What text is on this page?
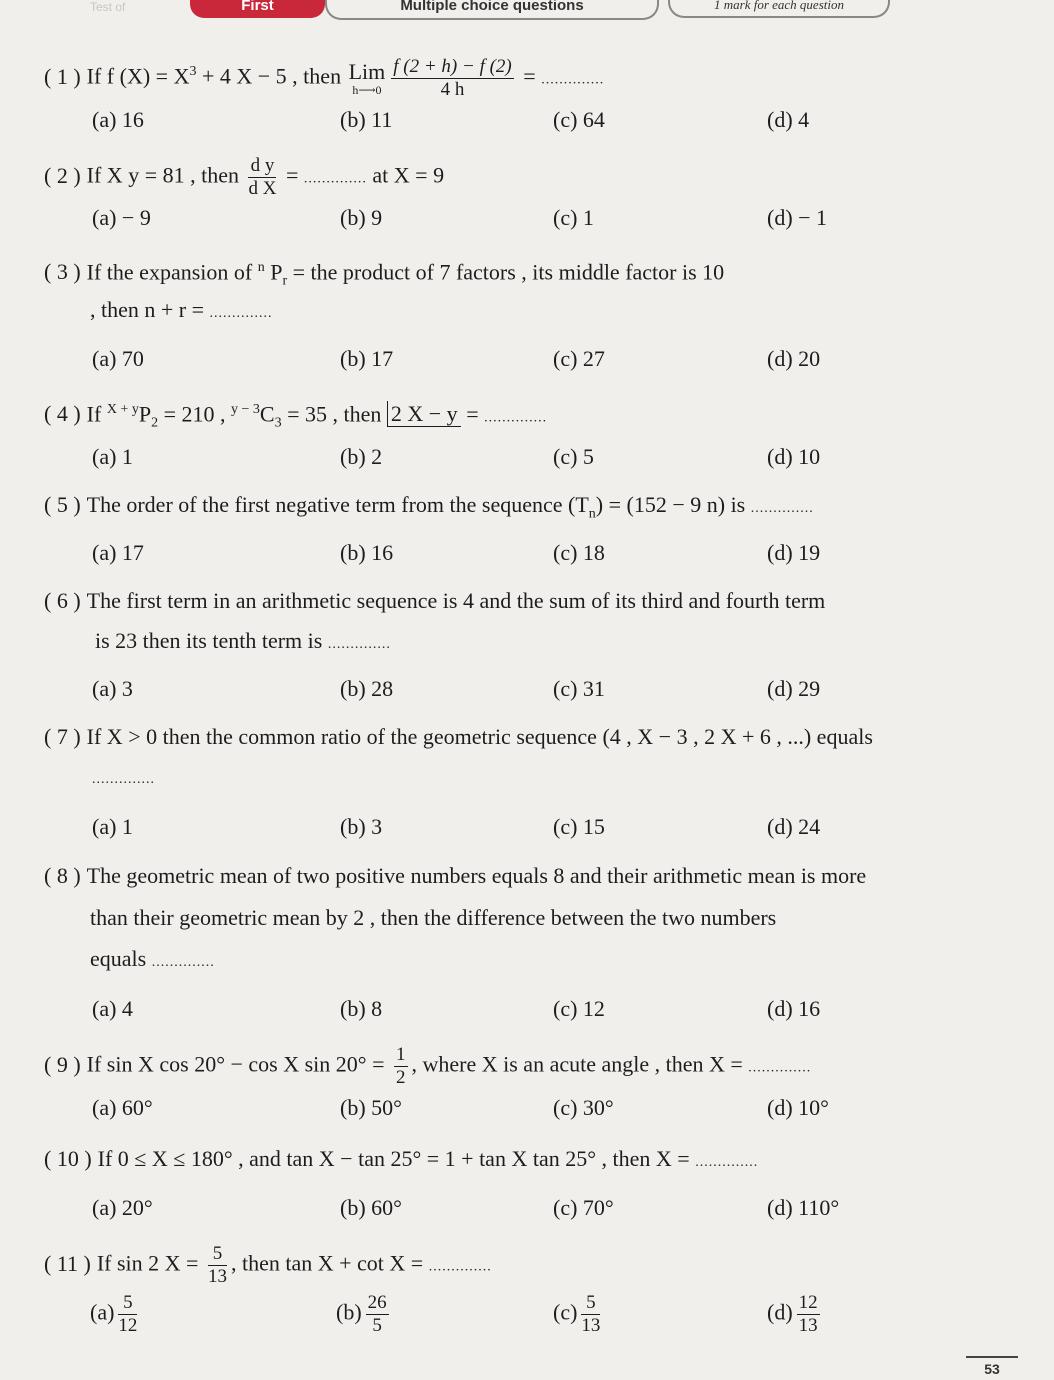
Test of	First	Multiple choice questions	1 mark for each question
( 1 ) If f $(X) = X^3 + 4$ X − 5 , then Lim
h⟶0 $\frac{f (2 + h) - f (2)}{4 h}$ = ..............
(a) 16	(b) 11	(c) 64	(d) 4
( 2 ) If X y = 81 , then $\frac{\text{d y}}{\text{d X}}$ = .............. at X = 9
(a) − 9	(b) 9	(c) 1	(d) − 1
( 3 ) If the expansion of $^n$ $P_r$ = the product of 7 factors , its middle factor is 10
, then n + r = ..............
(a) 70	(b) 17	(c) 27	(d) 20
( 4 ) If $^{X + y}P_2 = 210$ , $^{y - 3}C_3 = 35$ , then 2 X − y = ..............
(a) 1	(b) 2	(c) 5	(d) 10
( 5 ) The order of the first negative term from the sequence $(T_n) = (152 - 9$ n) is ..............
(a) 17	(b) 16	(c) 18	(d) 19
( 6 ) The first term in an arithmetic sequence is 4 and the sum of its third and fourth term
is 23 then its tenth term is ..............
(a) 3	(b) 28	(c) 31	(d) 29
( 7 ) If X > 0 then the common ratio of the geometric sequence (4 , X − 3 , 2 X + 6 , ...) equals
..............
(a) 1	(b) 3	(c) 15	(d) 24
( 8 ) The geometric mean of two positive numbers equals 8 and their arithmetic mean is more
than their geometric mean by 2 , then the difference between the two numbers
equals ..............
(a) 4	(b) 8	(c) 12	(d) 16
( 9 ) If sin X cos 20° − cos X $\sin 20^\circ = \frac{1}{2}$ , where X is an acute angle , then X = ..............
(a) 60°	(b) 50°	(c) 30°	(d) 10°
( 10 ) If 0 ≤ X ≤ 180° , and tan X − tan 25° = 1 + tan X tan 25° , then X = ..............
(a) 20°	(b) 60°	(c) 70°	(d) 110°
( 11 ) If sin 2 $X = \frac{5}{13}$ , then tan X + cot X = ..............
$(a) \frac{5}{12}$	$(b) \frac{26}{5}$	$(c) \frac{5}{13}$	$(d) \frac{12}{13}$
53
